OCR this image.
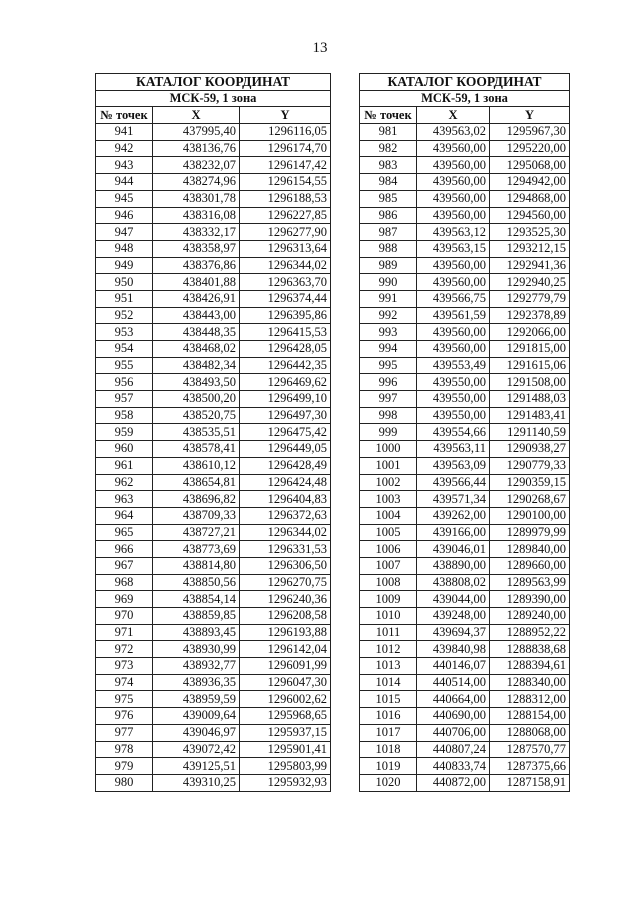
13
КАТАЛОГ КООРДИНАТ		
МСК-59, 1 зона		
№ точек	X	Y
941	437995,40	1296116,05
942	438136,76	1296174,70
943	438232,07	1296147,42
944	438274,96	1296154,55
945	438301,78	1296188,53
946	438316,08	1296227,85
947	438332,17	1296277,90
948	438358,97	1296313,64
949	438376,86	1296344,02
950	438401,88	1296363,70
951	438426,91	1296374,44
952	438443,00	1296395,86
953	438448,35	1296415,53
954	438468,02	1296428,05
955	438482,34	1296442,35
956	438493,50	1296469,62
957	438500,20	1296499,10
958	438520,75	1296497,30
959	438535,51	1296475,42
960	438578,41	1296449,05
961	438610,12	1296428,49
962	438654,81	1296424,48
963	438696,82	1296404,83
964	438709,33	1296372,63
965	438727,21	1296344,02
966	438773,69	1296331,53
967	438814,80	1296306,50
968	438850,56	1296270,75
969	438854,14	1296240,36
970	438859,85	1296208,58
971	438893,45	1296193,88
972	438930,99	1296142,04
973	438932,77	1296091,99
974	438936,35	1296047,30
975	438959,59	1296002,62
976	439009,64	1295968,65
977	439046,97	1295937,15
978	439072,42	1295901,41
979	439125,51	1295803,99
980	439310,25	1295932,93
КАТАЛОГ КООРДИНАТ		
МСК-59, 1 зона		
№ точек	X	Y
981	439563,02	1295967,30
982	439560,00	1295220,00
983	439560,00	1295068,00
984	439560,00	1294942,00
985	439560,00	1294868,00
986	439560,00	1294560,00
987	439563,12	1293525,30
988	439563,15	1293212,15
989	439560,00	1292941,36
990	439560,00	1292940,25
991	439566,75	1292779,79
992	439561,59	1292378,89
993	439560,00	1292066,00
994	439560,00	1291815,00
995	439553,49	1291615,06
996	439550,00	1291508,00
997	439550,00	1291488,03
998	439550,00	1291483,41
999	439554,66	1291140,59
1000	439563,11	1290938,27
1001	439563,09	1290779,33
1002	439566,44	1290359,15
1003	439571,34	1290268,67
1004	439262,00	1290100,00
1005	439166,00	1289979,99
1006	439046,01	1289840,00
1007	438890,00	1289660,00
1008	438808,02	1289563,99
1009	439044,00	1289390,00
1010	439248,00	1289240,00
1011	439694,37	1288952,22
1012	439840,98	1288838,68
1013	440146,07	1288394,61
1014	440514,00	1288340,00
1015	440664,00	1288312,00
1016	440690,00	1288154,00
1017	440706,00	1288068,00
1018	440807,24	1287570,77
1019	440833,74	1287375,66
1020	440872,00	1287158,91
